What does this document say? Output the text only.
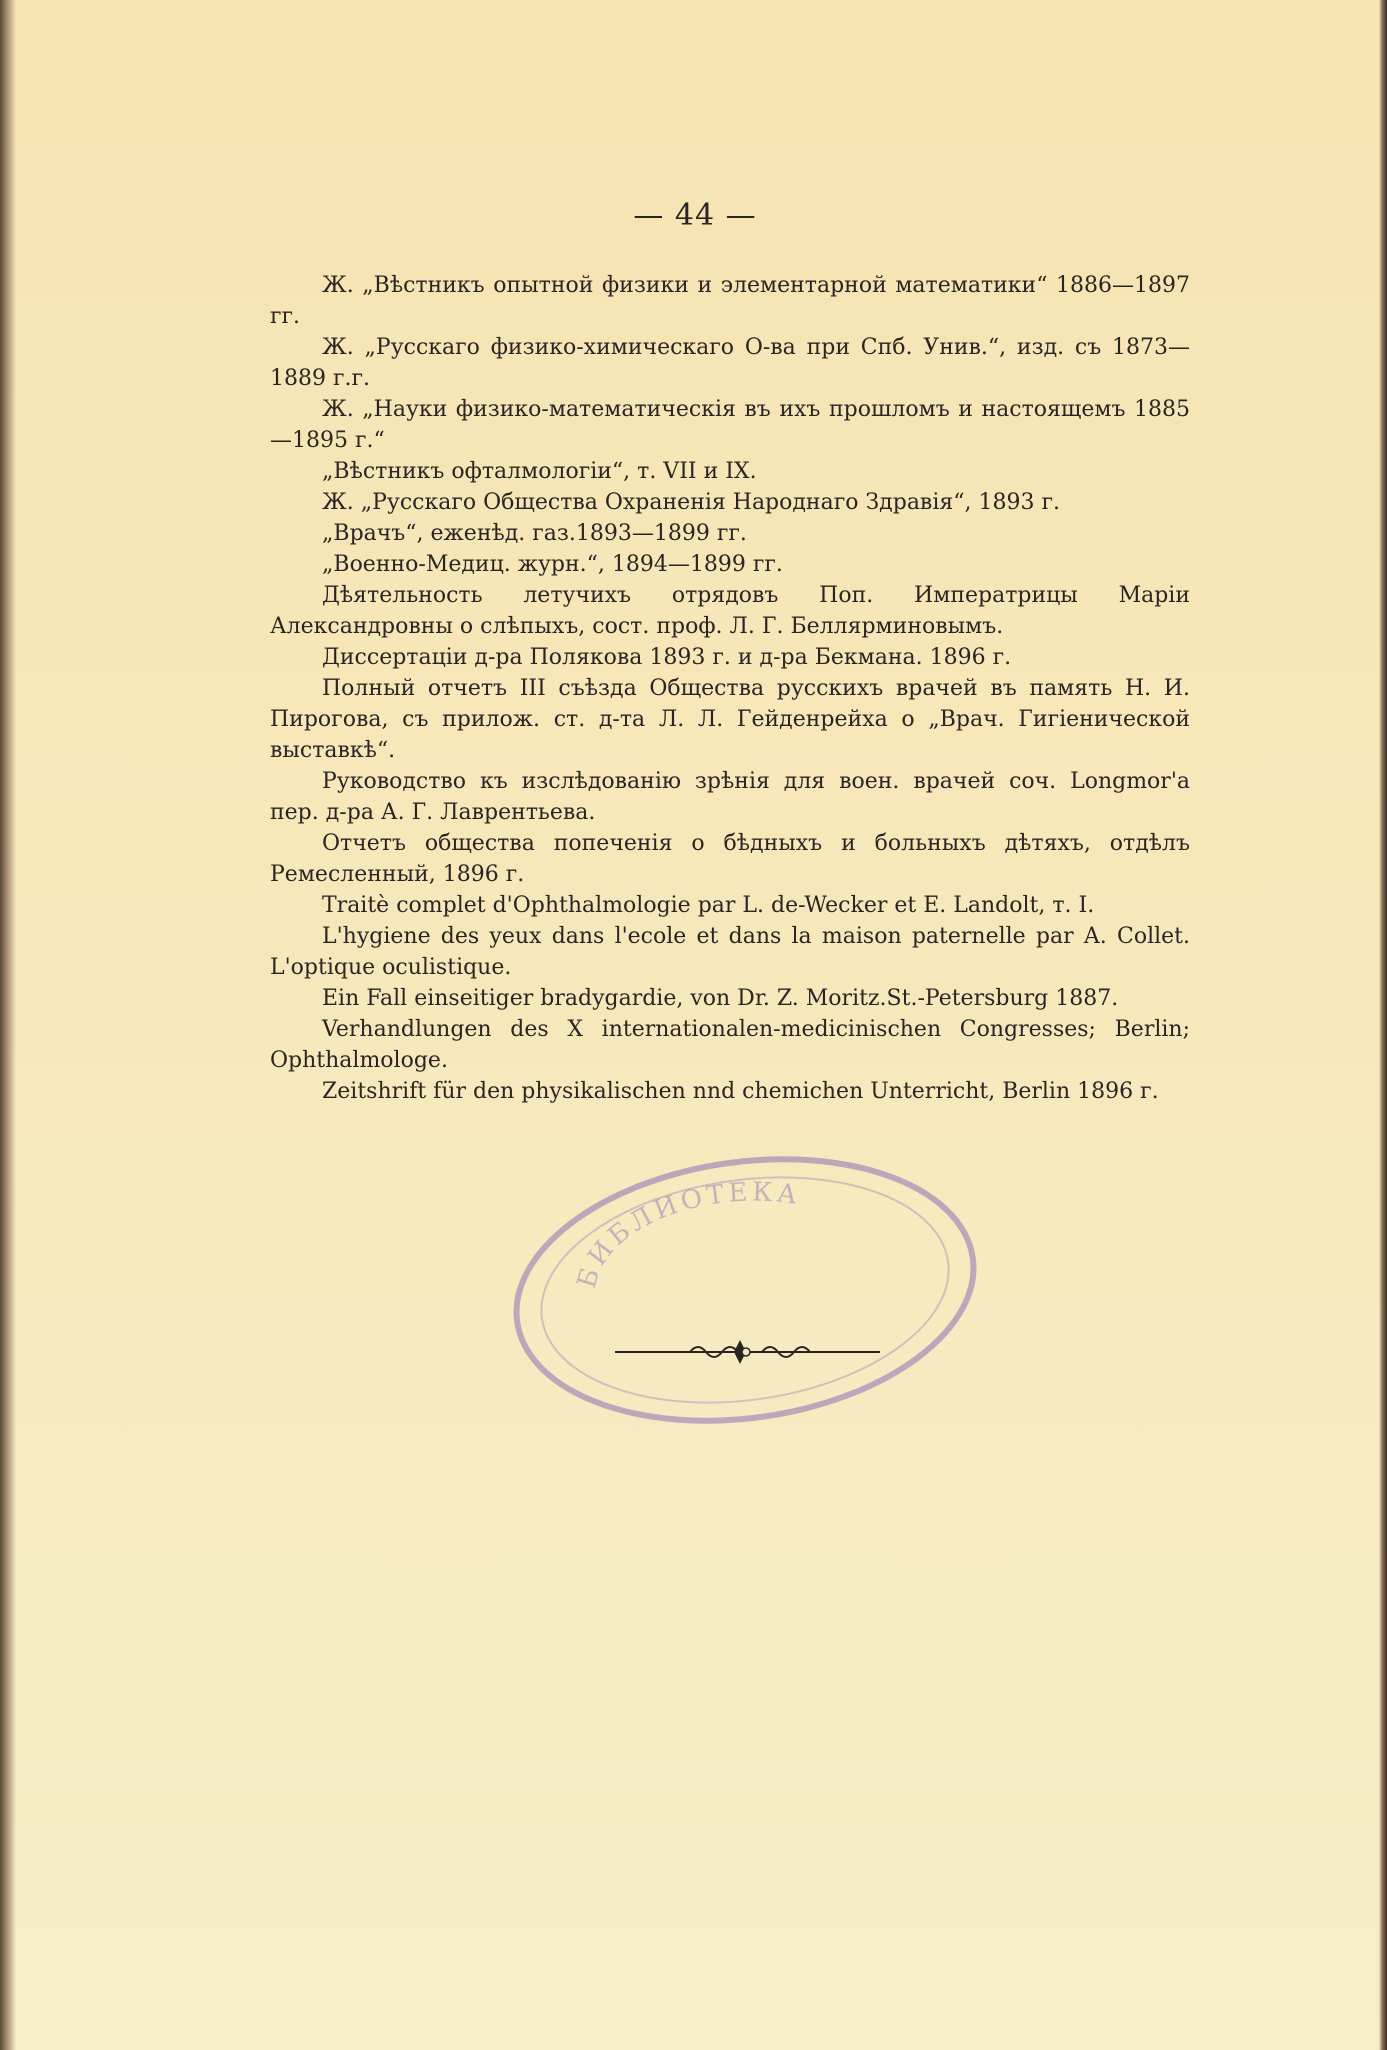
— 44 —

Ж. „Вѣстникъ опытной физики и элементарной математики“ 1886—1897 гг.

Ж. „Русскаго физико-химическаго О-ва при Спб. Унив.“, изд. съ 1873—1889 г.г.

Ж. „Науки физико-математическія въ ихъ прошломъ и настоящемъ 1885—1895 г.“

„Вѣстникъ офталмологіи“, т. VII и IX.

Ж. „Русскаго Общества Охраненія Народнаго Здравія“, 1893 г.

„Врачъ“, еженѣд. газ.1893—1899 гг.

„Военно-Медиц. журн.“, 1894—1899 гг.

Дѣятельность летучихъ отрядовъ Поп. Императрицы Маріи Александровны о слѣпыхъ, сост. проф. Л. Г. Беллярминовымъ.

Диссертаціи д-ра Полякова 1893 г. и д-ра Бекмана. 1896 г.

Полный отчетъ III съѣзда Общества русскихъ врачей въ память Н. И. Пирогова, съ прилож. ст. д-та Л. Л. Гейденрейха о „Врач. Гигіенической выставкѣ“.

Руководство къ изслѣдованію зрѣнія для воен. врачей соч. Longmor'a пер. д-ра А. Г. Лаврентьева.

Отчетъ общества попеченія о бѣдныхъ и больныхъ дѣтяхъ, отдѣлъ Ремесленный, 1896 г.

Traitè complet d'Ophthalmologie par L. de-Wecker et E. Landolt, т. I.

L'hygiene des yeux dans l'ecole et dans la maison paternelle par A. Collet. L'optique oculistique.

Ein Fall einseitiger bradygardie, von Dr. Z. Moritz.St.-Petersburg 1887.

Verhandlungen des X internationalen-medicinischen Congresses; Berlin; Ophthalmologe.

Zeitshrift für den physikalischen nnd chemichen Unterricht, Berlin 1896 г.

БИБЛИОТЕКА
